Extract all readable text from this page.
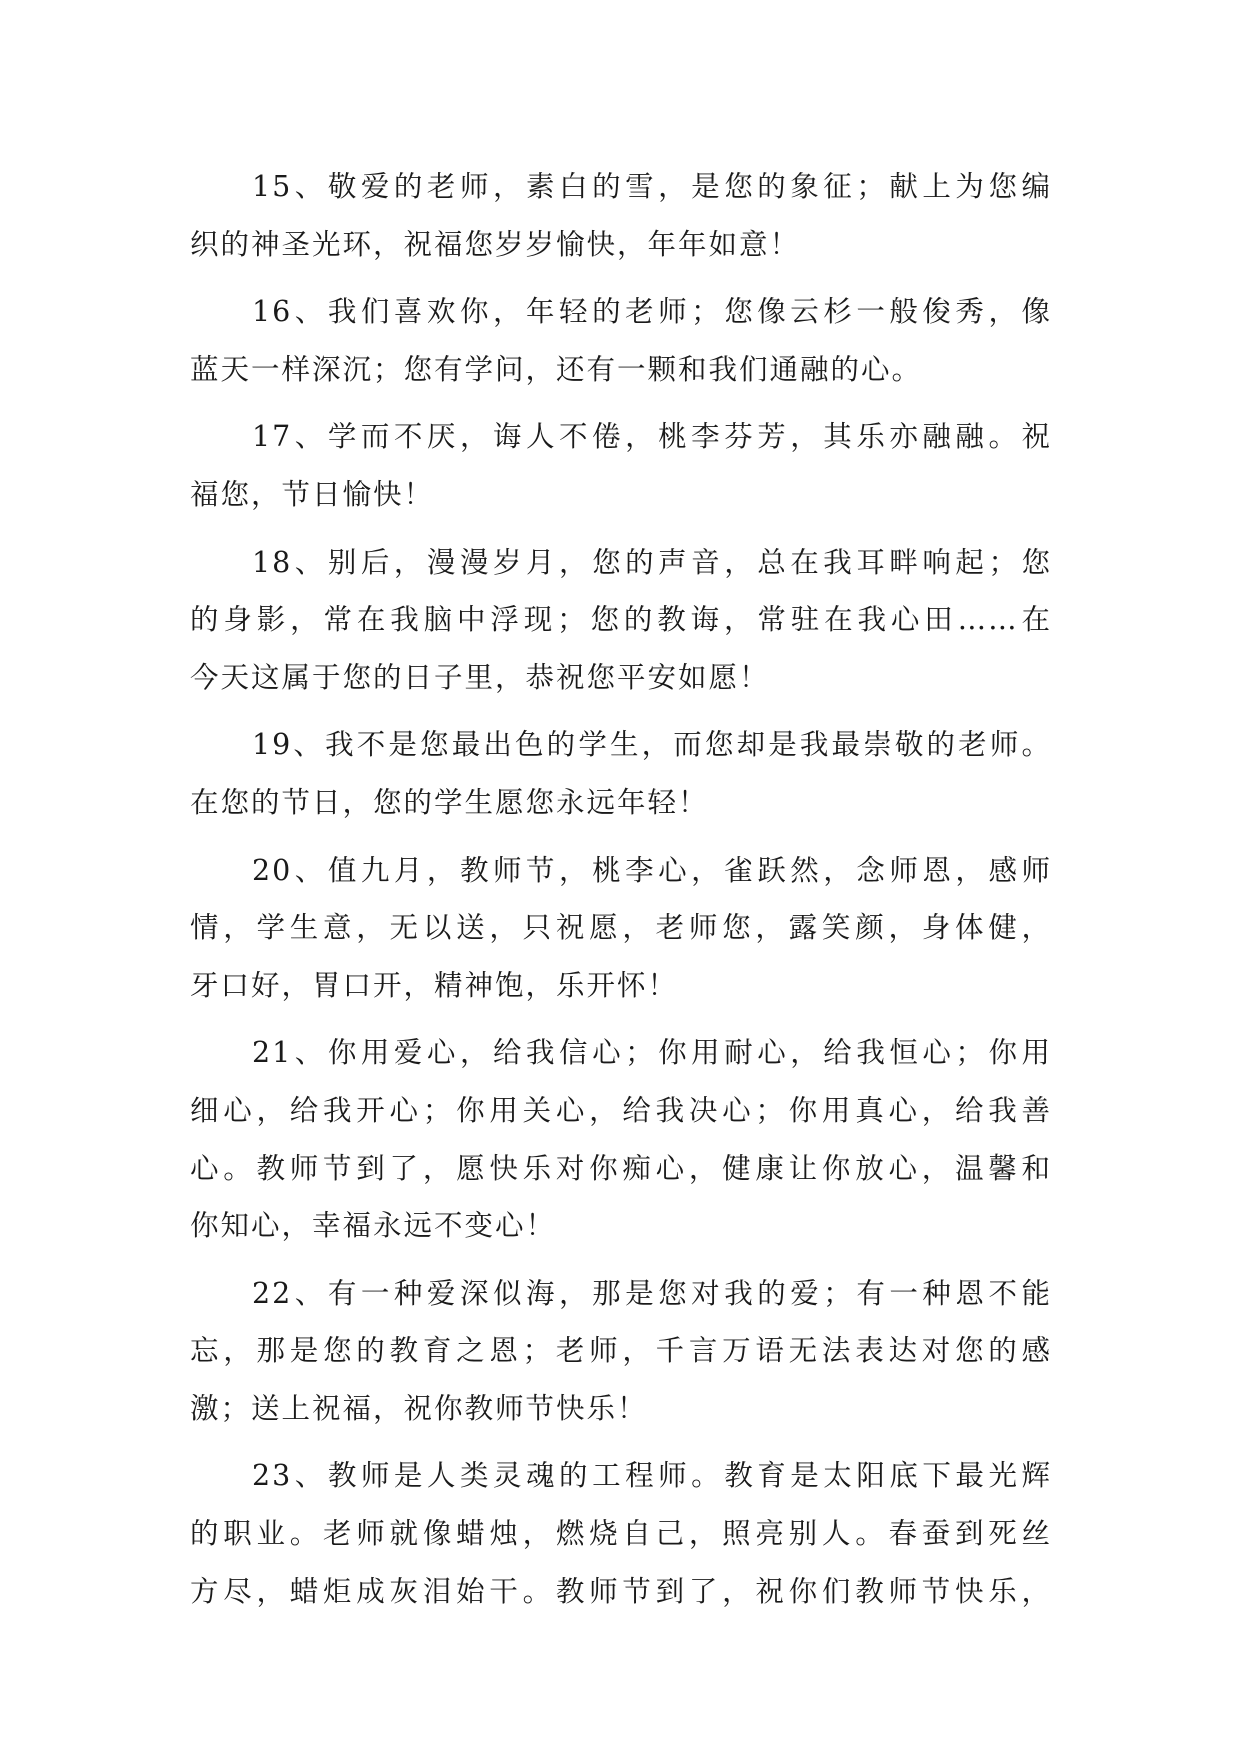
15、敬爱的老师，素白的雪，是您的象征；献上为您编
织的神圣光环，祝福您岁岁愉快，年年如意！

16、我们喜欢你，年轻的老师；您像云杉一般俊秀，像
蓝天一样深沉；您有学问，还有一颗和我们通融的心。

17、学而不厌，诲人不倦，桃李芬芳，其乐亦融融。祝
福您，节日愉快！

18、别后，漫漫岁月，您的声音，总在我耳畔响起；您
的身影，常在我脑中浮现；您的教诲，常驻在我心田……在
今天这属于您的日子里，恭祝您平安如愿！

19、我不是您最出色的学生，而您却是我最崇敬的老师。
在您的节日，您的学生愿您永远年轻！

20、值九月，教师节，桃李心，雀跃然，念师恩，感师
情，学生意，无以送，只祝愿，老师您，露笑颜，身体健，
牙口好，胃口开，精神饱，乐开怀！

21、你用爱心，给我信心；你用耐心，给我恒心；你用
细心，给我开心；你用关心，给我决心；你用真心，给我善
心。教师节到了，愿快乐对你痴心，健康让你放心，温馨和
你知心，幸福永远不变心！

22、有一种爱深似海，那是您对我的爱；有一种恩不能
忘，那是您的教育之恩；老师，千言万语无法表达对您的感
激；送上祝福，祝你教师节快乐！

23、教师是人类灵魂的工程师。教育是太阳底下最光辉
的职业。老师就像蜡烛，燃烧自己，照亮别人。春蚕到死丝
方尽，蜡炬成灰泪始干。教师节到了，祝你们教师节快乐，
